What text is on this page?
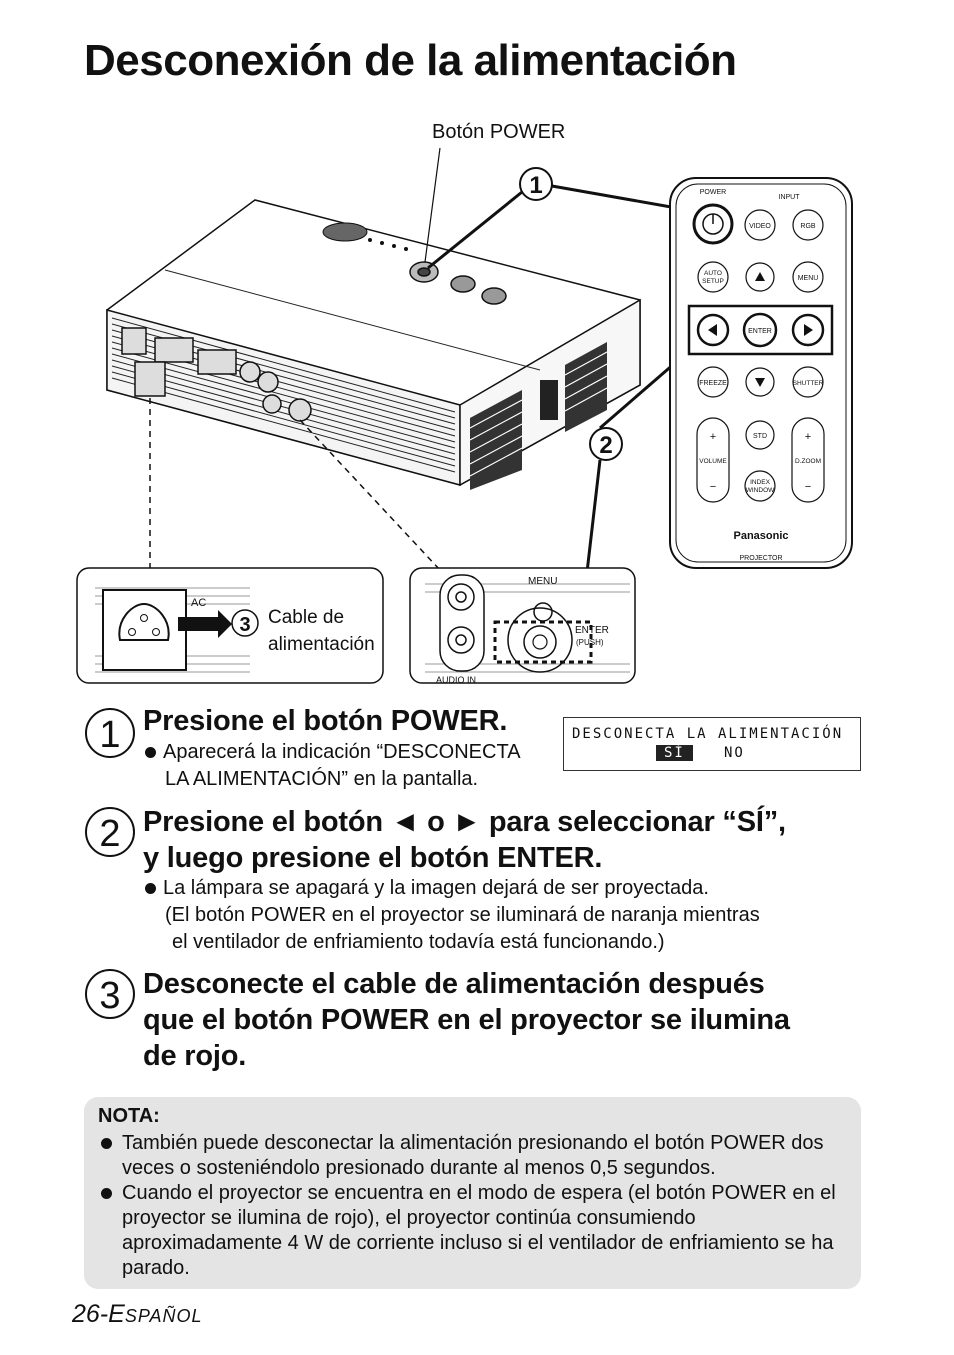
Desconexión de la alimentación
Botón POWER
1
2
POWER
INPUT
VIDEO	RGB
AUTO
SETUP	MENU
ENTER
FREEZE	SHUTTER
+
VOLUME
−
STD
INDEX
WINDOW
+
D.ZOOM
−
Panasonic
PROJECTOR
AC
3 Cable de
alimentación
MENU
ENTER
(PUSH)
AUDIO IN
1 Presione el botón POWER.
Aparecerá la indicación “DESCONECTA
LA ALIMENTACIÓN” en la pantalla.
DESCONECTA LA ALIMENTACIÓN
SÍ	NO
2 Presione el botón ◄ o ► para seleccionar “SÍ”,
y luego presione el botón ENTER.
La lámpara se apagará y la imagen dejará de ser proyectada.
(El botón POWER en el proyector se iluminará de naranja mientras
el ventilador de enfriamiento todavía está funcionando.)
3 Desconecte el cable de alimentación después
que el botón POWER en el proyector se ilumina
de rojo.
NOTA:
También puede desconectar la alimentación presionando el botón POWER dos veces o sosteniéndolo presionado durante al menos 0,5 segundos.
Cuando el proyector se encuentra en el modo de espera (el botón POWER en el proyector se ilumina de rojo), el proyector continúa consumiendo aproximadamente 4 W de corriente incluso si el ventilador de enfriamiento se ha parado.
26-ESPAÑOL
